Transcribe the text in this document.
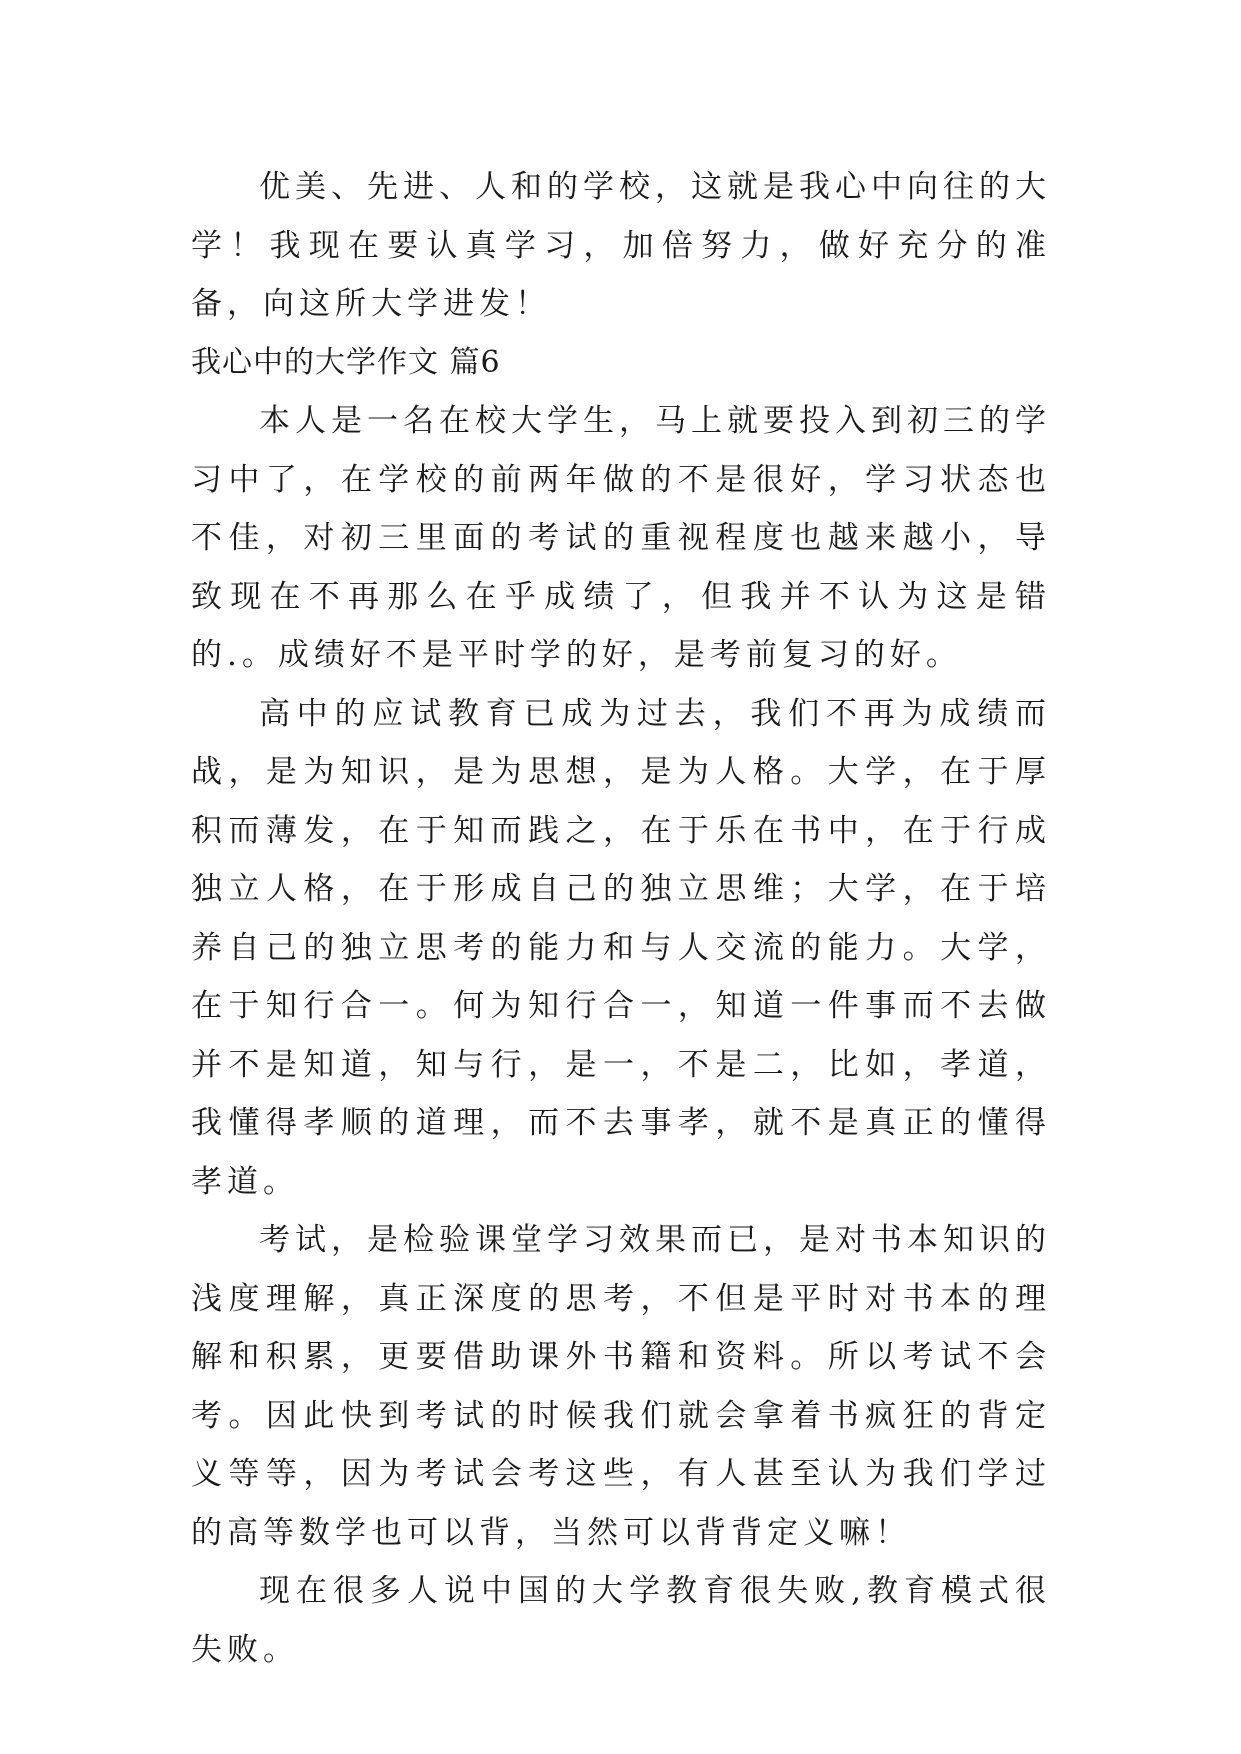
优美、先进、人和的学校，这就是我心中向往的大学！我现在要认真学习，加倍努力，做好充分的准备，向这所大学进发！

我心中的大学作文 篇6

本人是一名在校大学生，马上就要投入到初三的学习中了，在学校的前两年做的不是很好，学习状态也不佳，对初三里面的考试的重视程度也越来越小，导致现在不再那么在乎成绩了，但我并不认为这是错的.。成绩好不是平时学的好，是考前复习的好。

高中的应试教育已成为过去，我们不再为成绩而战，是为知识，是为思想，是为人格。大学，在于厚积而薄发，在于知而践之，在于乐在书中，在于行成独立人格，在于形成自己的独立思维；大学，在于培养自己的独立思考的能力和与人交流的能力。大学，在于知行合一。何为知行合一，知道一件事而不去做并不是知道，知与行，是一，不是二，比如，孝道，我懂得孝顺的道理，而不去事孝，就不是真正的懂得孝道。

考试，是检验课堂学习效果而已，是对书本知识的浅度理解，真正深度的思考，不但是平时对书本的理解和积累，更要借助课外书籍和资料。所以考试不会考。因此快到考试的时候我们就会拿着书疯狂的背定义等等，因为考试会考这些，有人甚至认为我们学过的高等数学也可以背，当然可以背背定义嘛！

现在很多人说中国的大学教育很失败,教育模式很失败。
